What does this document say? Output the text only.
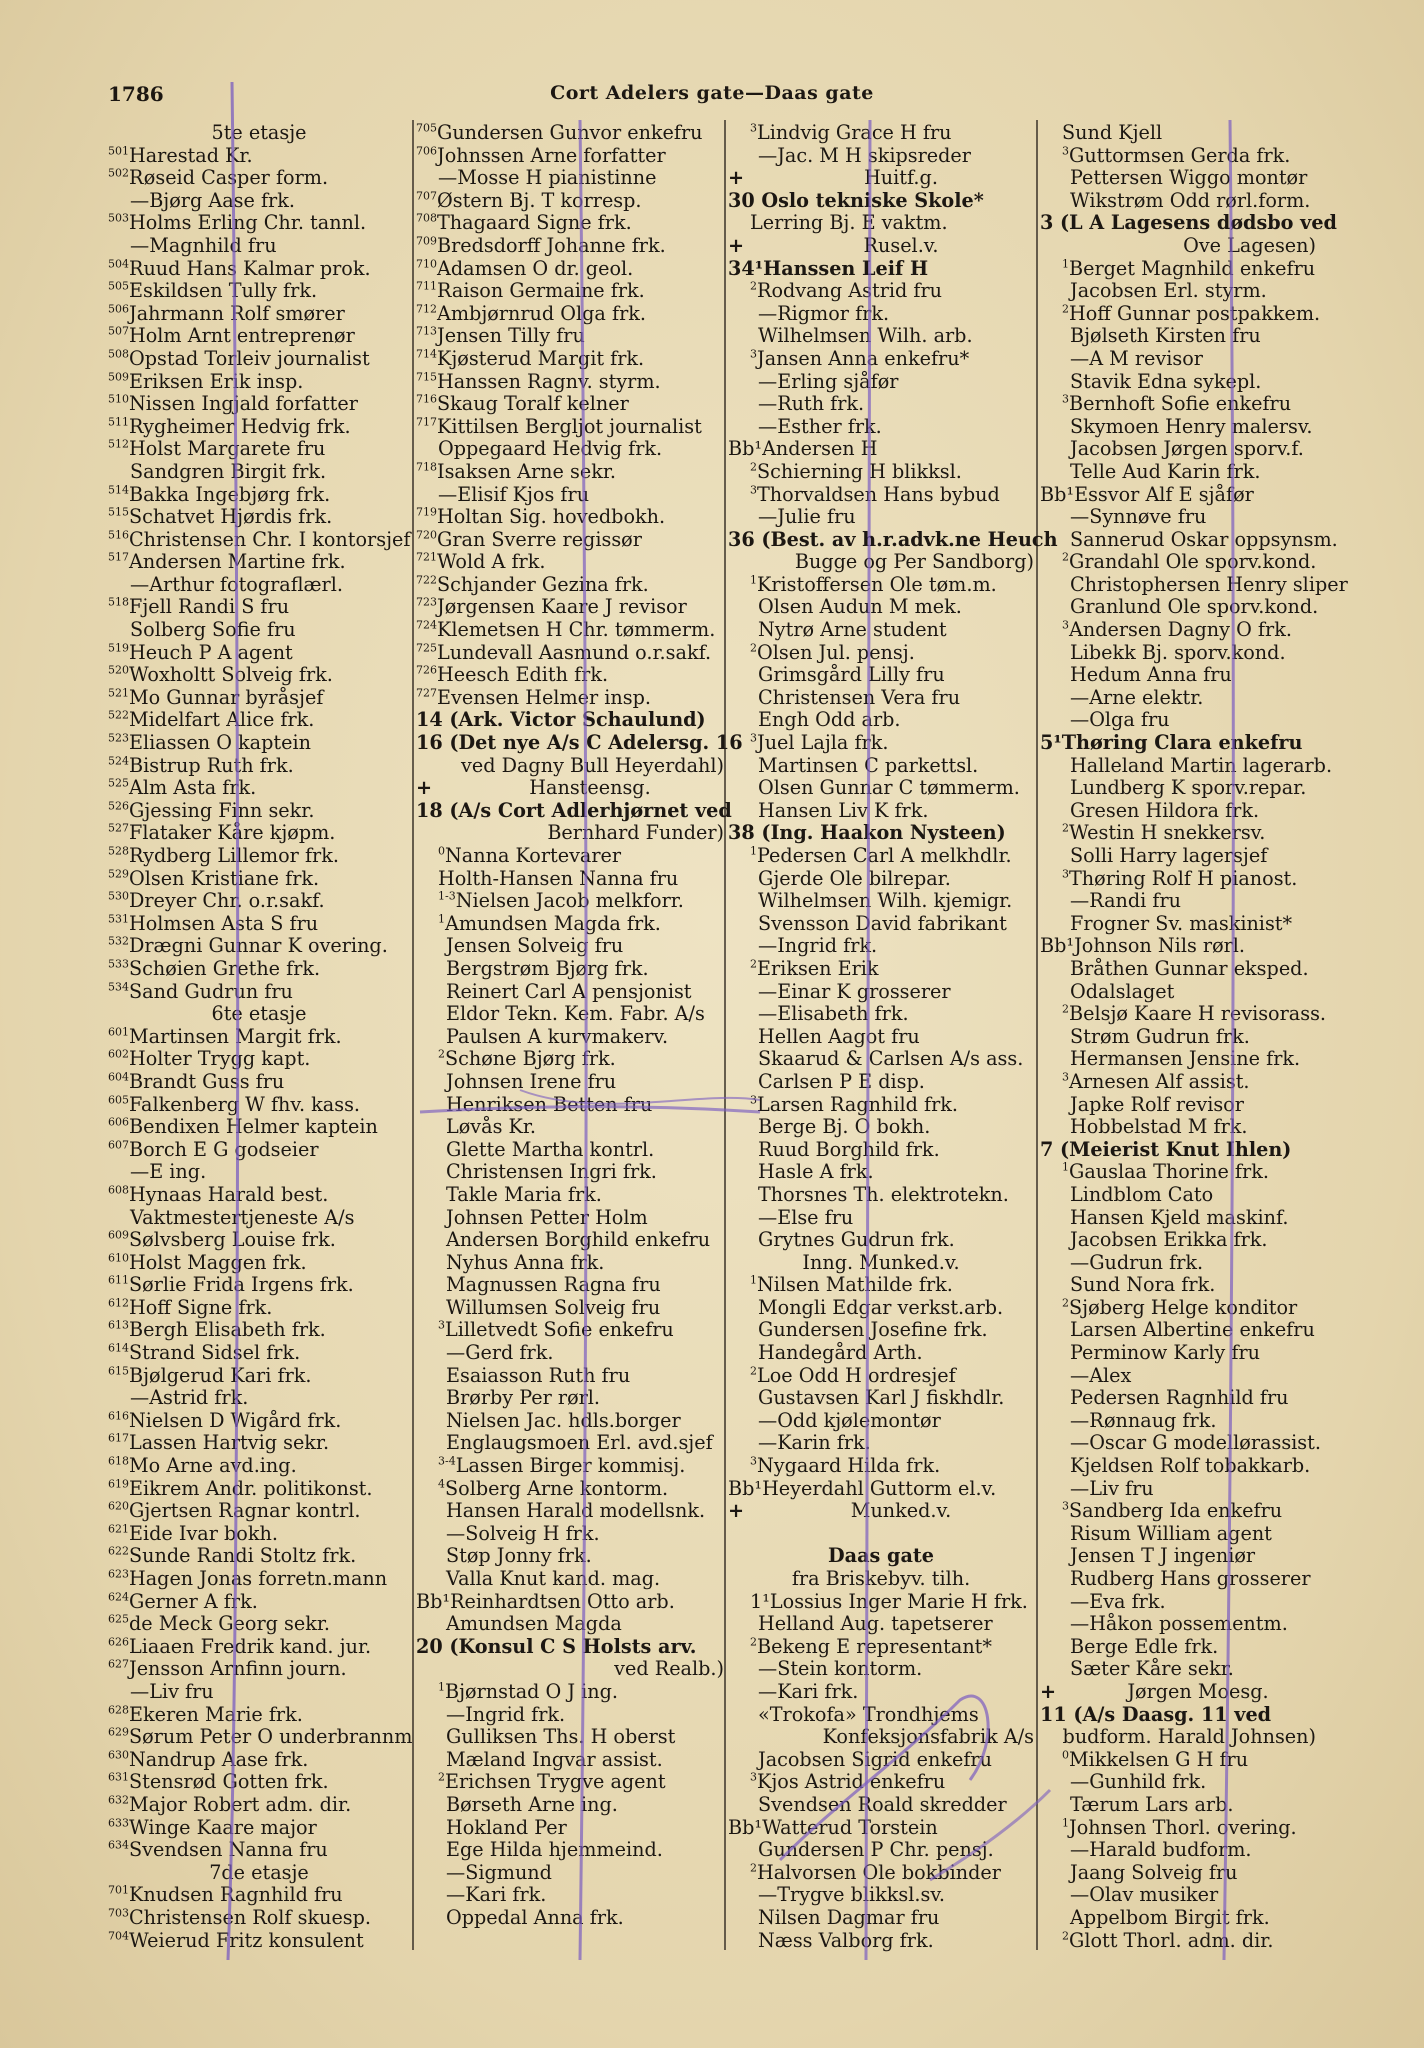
1786	Cort Adelers gate—Daas gate
5te etasje
$^{501}$Harestad Kr.
$^{502}$Røseid Casper form.
—Bjørg Aase frk.
$^{503}$Holms Erling Chr. tannl.
—Magnhild fru
$^{504}$Ruud Hans Kalmar prok.
$^{505}$Eskildsen Tully frk.
$^{506}$Jahrmann Rolf smører
$^{507}$Holm Arnt entreprenør
$^{508}$Opstad Torleiv journalist
$^{509}$Eriksen Erik insp.
$^{510}$Nissen Ingjald forfatter
$^{511}$Rygheimer Hedvig frk.
$^{512}$Holst Margarete fru
Sandgren Birgit frk.
$^{514}$Bakka Ingebjørg frk.
$^{515}$Schatvet Hjørdis frk.
$^{516}$Christensen Chr. I kontorsjef
$^{517}$Andersen Martine frk.
—Arthur fotograflærl.
$^{518}$Fjell Randi S fru
Solberg Sofie fru
$^{519}$Heuch P A agent
$^{520}$Woxholtt Solveig frk.
$^{521}$Mo Gunnar byråsjef
$^{522}$Midelfart Alice frk.
$^{523}$Eliassen O kaptein
$^{524}$Bistrup Ruth frk.
$^{525}$Alm Asta frk.
$^{526}$Gjessing Finn sekr.
$^{527}$Flataker Kåre kjøpm.
$^{528}$Rydberg Lillemor frk.
$^{529}$Olsen Kristiane frk.
$^{530}$Dreyer Chr. o.r.sakf.
$^{531}$Holmsen Asta S fru
$^{532}$Drægni Gunnar K overing.
$^{533}$Schøien Grethe frk.
$^{534}$Sand Gudrun fru
6te etasje
$^{601}$Martinsen Margit frk.
$^{602}$Holter Trygg kapt.
$^{604}$Brandt Guss fru
$^{605}$Falkenberg W fhv. kass.
$^{606}$Bendixen Helmer kaptein
$^{607}$Borch E G godseier
—E ing.
$^{608}$Hynaas Harald best.
Vaktmestertjeneste A/s
$^{609}$Sølvsberg Louise frk.
$^{610}$Holst Maggen frk.
$^{611}$Sørlie Frida Irgens frk.
$^{612}$Hoff Signe frk.
$^{613}$Bergh Elisabeth frk.
$^{614}$Strand Sidsel frk.
$^{615}$Bjølgerud Kari frk.
—Astrid frk.
$^{616}$Nielsen D Wigård frk.
$^{617}$Lassen Hartvig sekr.
$^{618}$Mo Arne avd.ing.
$^{619}$Eikrem Andr. politikonst.
$^{620}$Gjertsen Ragnar kontrl.
$^{621}$Eide Ivar bokh.
$^{622}$Sunde Randi Stoltz frk.
$^{623}$Hagen Jonas forretn.mann
$^{624}$Gerner A frk.
$^{625}$de Meck Georg sekr.
$^{626}$Liaaen Fredrik kand. jur.
$^{627}$Jensson Arnfinn journ.
—Liv fru
$^{628}$Ekeren Marie frk.
$^{629}$Sørum Peter O underbrannm
$^{630}$Nandrup Aase frk.
$^{631}$Stensrød Gotten frk.
$^{632}$Major Robert adm. dir.
$^{633}$Winge Kaare major
$^{634}$Svendsen Nanna fru
7de etasje
$^{701}$Knudsen Ragnhild fru
$^{703}$Christensen Rolf skuesp.
$^{704}$Weierud Fritz konsulent
$^{705}$Gundersen Gunvor enkefru
$^{706}$Johnssen Arne forfatter
—Mosse H pianistinne
$^{707}$Østern Bj. T korresp.
$^{708}$Thagaard Signe frk.
$^{709}$Bredsdorff Johanne frk.
$^{710}$Adamsen O dr. geol.
$^{711}$Raison Germaine frk.
$^{712}$Ambjørnrud Olga frk.
$^{713}$Jensen Tilly fru
$^{714}$Kjøsterud Margit frk.
$^{715}$Hanssen Ragnv. styrm.
$^{716}$Skaug Toralf kelner
$^{717}$Kittilsen Bergljot journalist
Oppegaard Hedvig frk.
$^{718}$Isaksen Arne sekr.
—Elisif Kjos fru
$^{719}$Holtan Sig. hovedbokh.
$^{720}$Gran Sverre regissør
$^{721}$Wold A frk.
$^{722}$Schjander Gezina frk.
$^{723}$Jørgensen Kaare J revisor
$^{724}$Klemetsen H Chr. tømmerm.
$^{725}$Lundevall Aasmund o.r.sakf.
$^{726}$Heesch Edith frk.
$^{727}$Evensen Helmer insp.
14 (Ark. Victor Schaulund)
16 (Det nye A/s C Adelersg. 16
ved Dagny Bull Heyerdahl)
+	Hansteensg.
18 (A/s Cort Adlerhjørnet ved
Bernhard Funder)
$^0$Nanna Kortevarer
Holth-Hansen Nanna fru
$^{1-3}$Nielsen Jacob melkforr.
$^1$Amundsen Magda frk.
Jensen Solveig fru
Bergstrøm Bjørg frk.
Reinert Carl A pensjonist
Eldor Tekn. Kem. Fabr. A/s
Paulsen A kurvmakerv.
$^2$Schøne Bjørg frk.
Johnsen Irene fru
Henriksen Betten fru
Løvås Kr.
Glette Martha kontrl.
Christensen Ingri frk.
Takle Maria frk.
Johnsen Petter Holm
Andersen Borghild enkefru
Nyhus Anna frk.
Magnussen Ragna fru
Willumsen Solveig fru
$^3$Lilletvedt Sofie enkefru
—Gerd frk.
Esaiasson Ruth fru
Brørby Per rørl.
Nielsen Jac. hdls.borger
Englaugsmoen Erl. avd.sjef
$^{3-4}$Lassen Birger kommisj.
$^4$Solberg Arne kontorm.
Hansen Harald modellsnk.
—Solveig H frk.
Støp Jonny frk.
Valla Knut kand. mag.
Bb¹Reinhardtsen Otto arb.
Amundsen Magda
20 (Konsul C S Holsts arv.
ved Realb.)
$^1$Bjørnstad O J ing.
—Ingrid frk.
Gulliksen Ths. H oberst
Mæland Ingvar assist.
$^2$Erichsen Trygve agent
Børseth Arne ing.
Hokland Per
Ege Hilda hjemmeind.
—Sigmund
—Kari frk.
Oppedal Anna frk.
$^3$Lindvig Grace H fru
—Jac. M H skipsreder
+	Huitf.g.
30 Oslo tekniske Skole*
Lerring Bj. E vaktm.
+	Rusel.v.
34¹Hanssen Leif H
$^2$Rodvang Astrid fru
—Rigmor frk.
Wilhelmsen Wilh. arb.
$^3$Jansen Anna enkefru*
—Erling sjåfør
—Ruth frk.
—Esther frk.
Bb¹Andersen H
$^2$Schierning H blikksl.
$^3$Thorvaldsen Hans bybud
—Julie fru
36 (Best. av h.r.advk.ne Heuch
Bugge og Per Sandborg)
$^1$Kristoffersen Ole tøm.m.
Olsen Audun M mek.
Nytrø Arne student
$^2$Olsen Jul. pensj.
Grimsgård Lilly fru
Christensen Vera fru
Engh Odd arb.
$^3$Juel Lajla frk.
Martinsen C parkettsl.
Olsen Gunnar C tømmerm.
Hansen Liv K frk.
38 (Ing. Haakon Nysteen)
$^1$Pedersen Carl A melkhdlr.
Gjerde Ole bilrepar.
Wilhelmsen Wilh. kjemigr.
Svensson David fabrikant
—Ingrid frk.
$^2$Eriksen Erik
—Einar K grosserer
—Elisabeth frk.
Hellen Aagot fru
Skaarud & Carlsen A/s ass.
Carlsen P E disp.
$^3$Larsen Ragnhild frk.
Berge Bj. O bokh.
Ruud Borghild frk.
Hasle A frk.
Thorsnes Th. elektrotekn.
—Else fru
Grytnes Gudrun frk.
Inng. Munked.v.
$^1$Nilsen Mathilde frk.
Mongli Edgar verkst.arb.
Gundersen Josefine frk.
Handegård Arth.
$^2$Loe Odd H ordresjef
Gustavsen Karl J fiskhdlr.
—Odd kjølemontør
—Karin frk.
$^3$Nygaard Hilda frk.
Bb¹Heyerdahl Guttorm el.v.
+	Munked.v.
Daas gate
fra Briskebyv. tilh.
1¹Lossius Inger Marie H frk.
Helland Aug. tapetserer
$^2$Bekeng E representant*
—Stein kontorm.
—Kari frk.
«Trokofa» Trondhjems
Konfeksjonsfabrik A/s
Jacobsen Sigrid enkefru
$^3$Kjos Astrid enkefru
Svendsen Roald skredder
Bb¹Watterud Torstein
Gundersen P Chr. pensj.
$^2$Halvorsen Ole bokbinder
—Trygve blikksl.sv.
Nilsen Dagmar fru
Næss Valborg frk.
Sund Kjell
$^3$Guttormsen Gerda frk.
Pettersen Wiggo montør
Wikstrøm Odd rørl.form.
3 (L A Lagesens dødsbo ved
Ove Lagesen)
$^1$Berget Magnhild enkefru
Jacobsen Erl. styrm.
$^2$Hoff Gunnar postpakkem.
Bjølseth Kirsten fru
—A M revisor
Stavik Edna sykepl.
$^3$Bernhoft Sofie enkefru
Skymoen Henry malersv.
Jacobsen Jørgen sporv.f.
Telle Aud Karin frk.
Bb¹Essvor Alf E sjåfør
—Synnøve fru
Sannerud Oskar oppsynsm.
$^2$Grandahl Ole sporv.kond.
Christophersen Henry sliper
Granlund Ole sporv.kond.
$^3$Andersen Dagny O frk.
Libekk Bj. sporv.kond.
Hedum Anna fru
—Arne elektr.
—Olga fru
5¹Thøring Clara enkefru
Halleland Martin lagerarb.
Lundberg K sporv.repar.
Gresen Hildora frk.
$^2$Westin H snekkersv.
Solli Harry lagersjef
$^3$Thøring Rolf H pianost.
—Randi fru
Frogner Sv. maskinist*
Bb¹Johnson Nils rørl.
Bråthen Gunnar eksped.
Odalslaget
$^2$Belsjø Kaare H revisorass.
Strøm Gudrun frk.
Hermansen Jensine frk.
$^3$Arnesen Alf assist.
Japke Rolf revisor
Hobbelstad M frk.
7 (Meierist Knut Ihlen)
$^1$Gauslaa Thorine frk.
Lindblom Cato
Hansen Kjeld maskinf.
Jacobsen Erikka frk.
—Gudrun frk.
Sund Nora frk.
$^2$Sjøberg Helge konditor
Larsen Albertine enkefru
Perminow Karly fru
—Alex
Pedersen Ragnhild fru
—Rønnaug frk.
—Oscar G modellørassist.
Kjeldsen Rolf tobakkarb.
—Liv fru
$^3$Sandberg Ida enkefru
Risum William agent
Jensen T J ingeniør
Rudberg Hans grosserer
—Eva frk.
—Håkon possementm.
Berge Edle frk.
Sæter Kåre sekr.
+	Jørgen Moesg.
11 (A/s Daasg. 11 ved
budform. Harald Johnsen)
$^0$Mikkelsen G H fru
—Gunhild frk.
Tærum Lars arb.
$^1$Johnsen Thorl. overing.
—Harald budform.
Jaang Solveig fru
—Olav musiker
Appelbom Birgit frk.
$^2$Glott Thorl. adm. dir.
